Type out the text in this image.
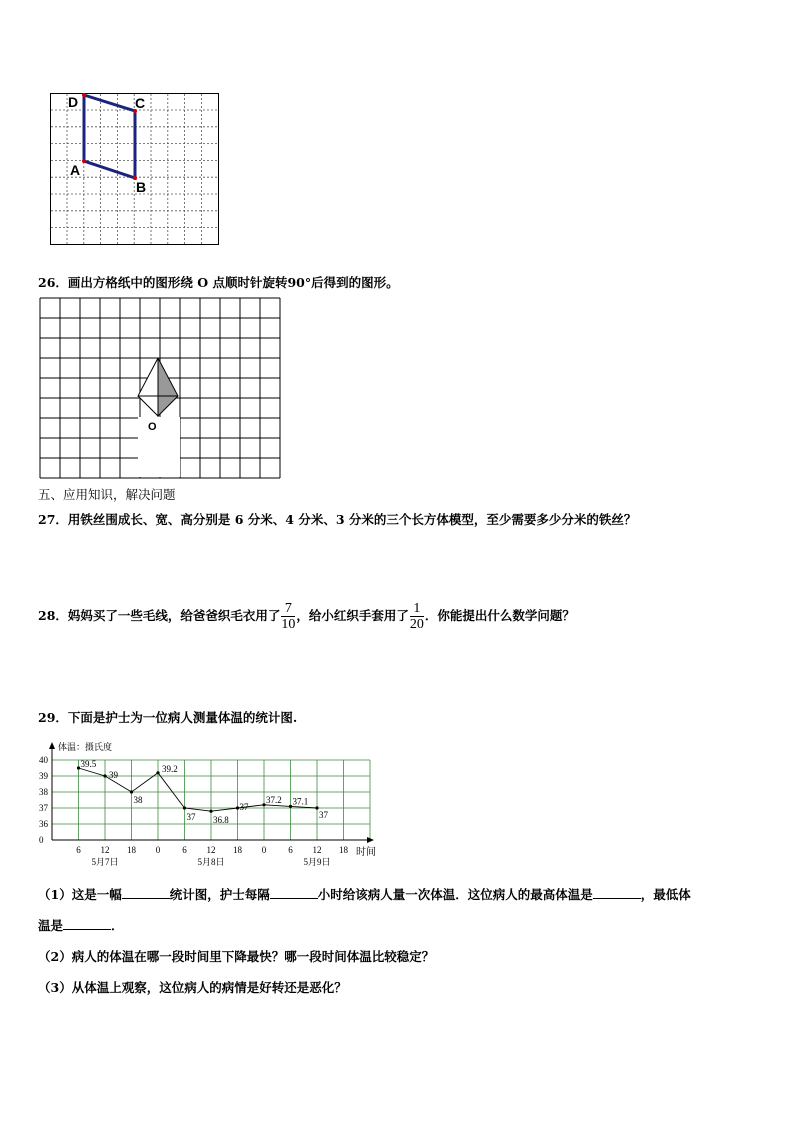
D	C
A
B
26．画出方格纸中的图形绕 O 点顺时针旋转90°后得到的图形。
O
五、应用知识，解决问题
27．用铁丝围成长、宽、高分别是 6 分米、4 分米、3 分米的三个长方体模型，至少需要多少分米的铁丝？
28．妈妈买了一些毛线，给爸爸织毛衣用了 $\frac{7}{10}$ ，给小红织手套用了 $\frac{1}{20}$ ．你能提出什么数学问题？
29．下面是护士为一位病人测量体温的统计图.
40
39
38
37
36
0
6 12 18 0 6 12 18 0 6 12 18
5月7日	5月8日	5月9日
39.5
39
38
39.2
37 36.8
37
37.2 37.1
37
体温：摄氏度
时间
（1）这是一幅	统计图，护士每隔	小时给该病人量一次体温．这位病人的最高体温是	，最低体
温是	．
（2）病人的体温在哪一段时间里下降最快？哪一段时间体温比较稳定？
（3）从体温上观察，这位病人的病情是好转还是恶化？
